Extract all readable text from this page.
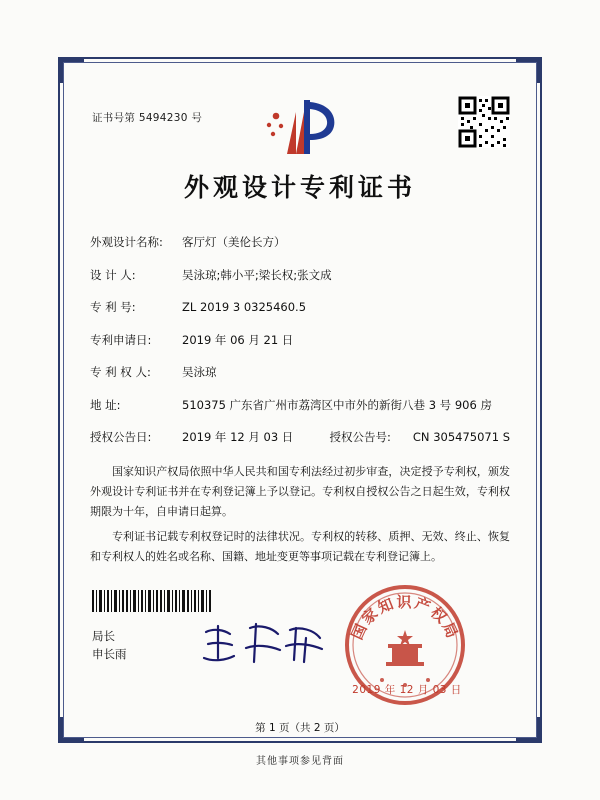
证书号第 5494230 号
外观设计专利证书
外观设计名称:	客厅灯（美伦长方）
设 计 人:	吴泳琼;韩小平;梁长权;张文成
专 利 号:	ZL 2019 3 0325460.5
专利申请日:	2019 年 06 月 21 日
专 利 权 人:	吴泳琼
地 址:	510375 广东省广州市荔湾区中市外的新街八巷 3 号 906 房
授权公告日:	2019 年 12 月 03 日	授权公告号: CN 305475071 S

国家知识产权局依照中华人民共和国专利法经过初步审查，决定授予专利权，颁发外观设计专利证书并在专利登记簿上予以登记。专利权自授权公告之日起生效，专利权期限为十年，自申请日起算。

专利证书记载专利权登记时的法律状况。专利权的转移、质押、无效、终止、恢复和专利权人的姓名或名称、国籍、地址变更等事项记载在专利登记簿上。

局长
申长雨
国家知识产权局
2019 年 12 月 03 日
第 1 页（共 2 页）
其他事项参见背面
